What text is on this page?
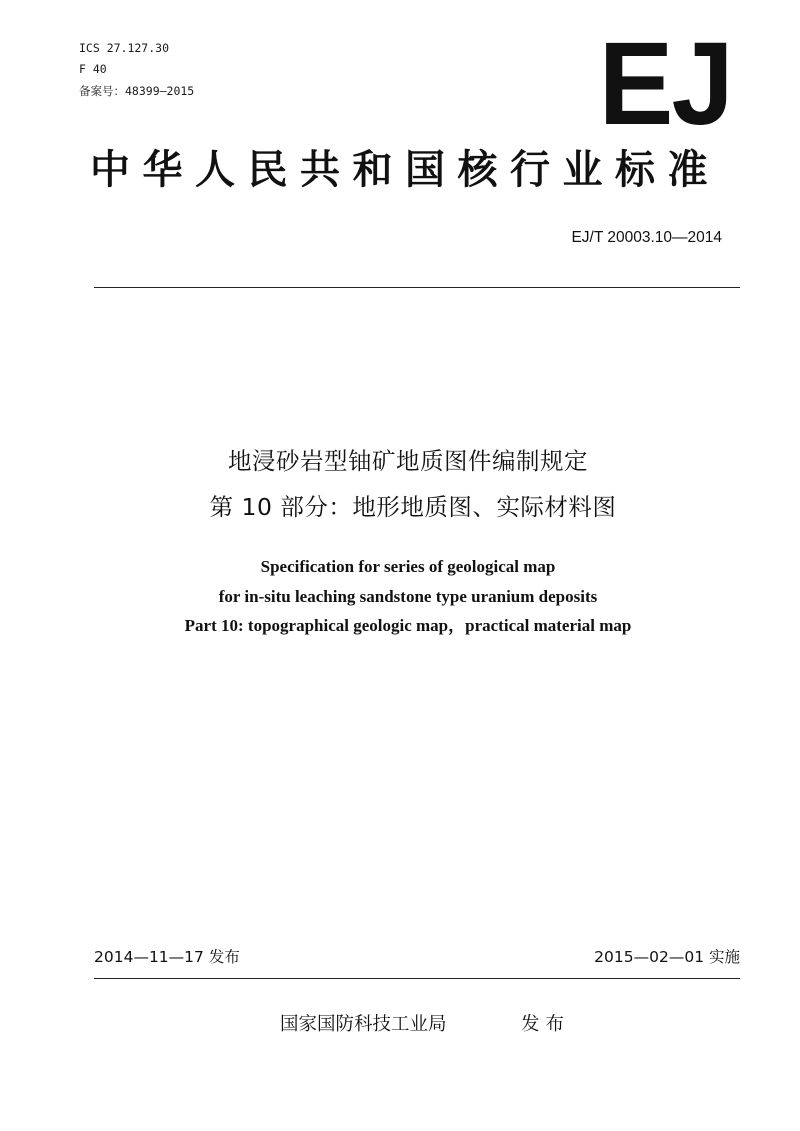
ICS 27.127.30
F 40
备案号：48399—2015	EJ
中华人民共和国核行业标准
EJ/T 20003.10—2014
地浸砂岩型铀矿地质图件编制规定
第 10 部分：地形地质图、实际材料图
Specification for series of geological map
for in-situ leaching sandstone type uranium deposits
Part 10: topographical geologic map，practical material map
2014—11—17 发布	2015—02—01 实施
国家国防科技工业局	发布
